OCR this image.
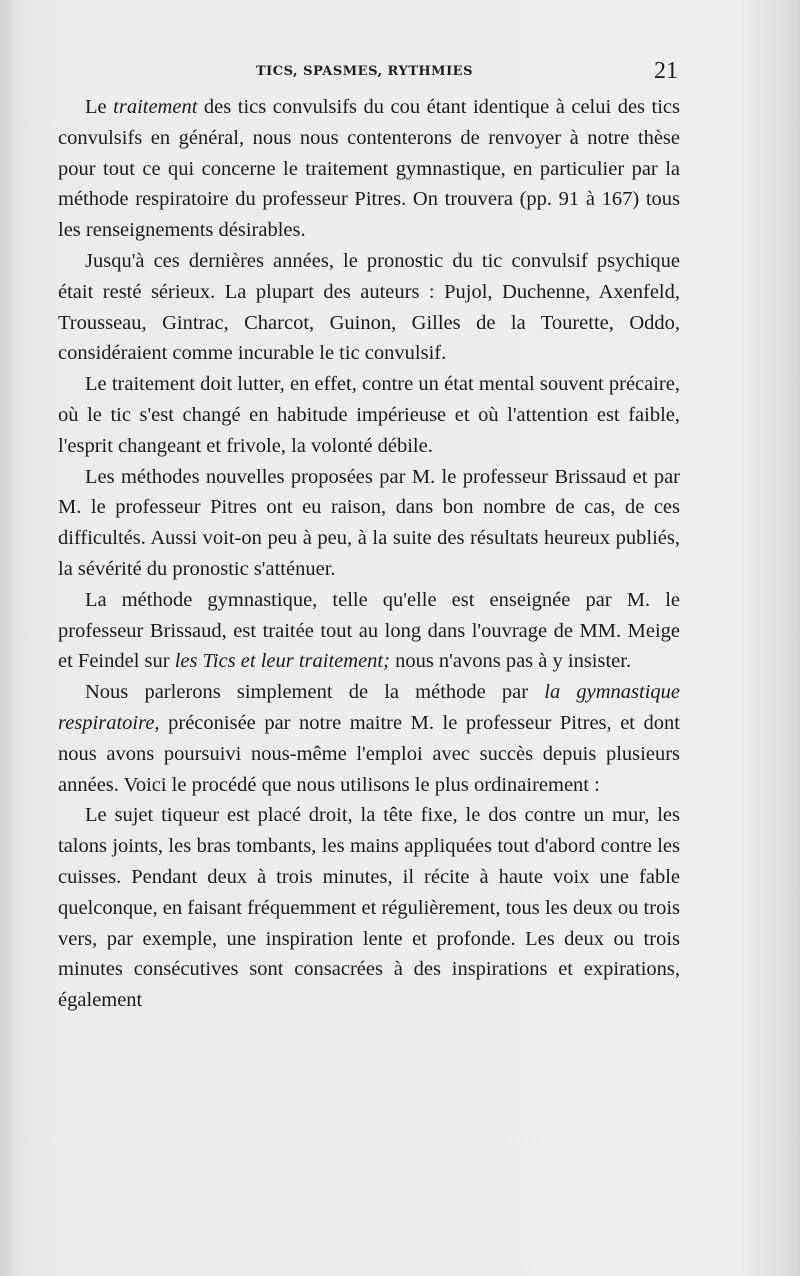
TICS, SPASMES, RYTHMIES	21

Le traitement des tics convulsifs du cou étant identique à celui des tics convulsifs en général, nous nous contenterons de renvoyer à notre thèse pour tout ce qui concerne le traitement gymnastique, en particulier par la méthode respiratoire du professeur Pitres. On trouvera (pp. 91 à 167) tous les renseignements désirables.

Jusqu'à ces dernières années, le pronostic du tic convulsif psychique était resté sérieux. La plupart des auteurs : Pujol, Duchenne, Axenfeld, Trousseau, Gintrac, Charcot, Guinon, Gilles de la Tourette, Oddo, considéraient comme incurable le tic convulsif.

Le traitement doit lutter, en effet, contre un état mental souvent précaire, où le tic s'est changé en habitude impérieuse et où l'attention est faible, l'esprit changeant et frivole, la volonté débile.

Les méthodes nouvelles proposées par M. le professeur Brissaud et par M. le professeur Pitres ont eu raison, dans bon nombre de cas, de ces difficultés. Aussi voit-on peu à peu, à la suite des résultats heureux publiés, la sévérité du pronostic s'atténuer.

La méthode gymnastique, telle qu'elle est enseignée par M. le professeur Brissaud, est traitée tout au long dans l'ouvrage de MM. Meige et Feindel sur les Tics et leur traitement; nous n'avons pas à y insister.

Nous parlerons simplement de la méthode par la gymnastique respiratoire, préconisée par notre maitre M. le professeur Pitres, et dont nous avons poursuivi nous-même l'emploi avec succès depuis plusieurs années. Voici le procédé que nous utilisons le plus ordinairement :

Le sujet tiqueur est placé droit, la tête fixe, le dos contre un mur, les talons joints, les bras tombants, les mains appliquées tout d'abord contre les cuisses. Pendant deux à trois minutes, il récite à haute voix une fable quelconque, en faisant fréquemment et régulièrement, tous les deux ou trois vers, par exemple, une inspiration lente et profonde. Les deux ou trois minutes consécutives sont consacrées à des inspirations et expirations, également
